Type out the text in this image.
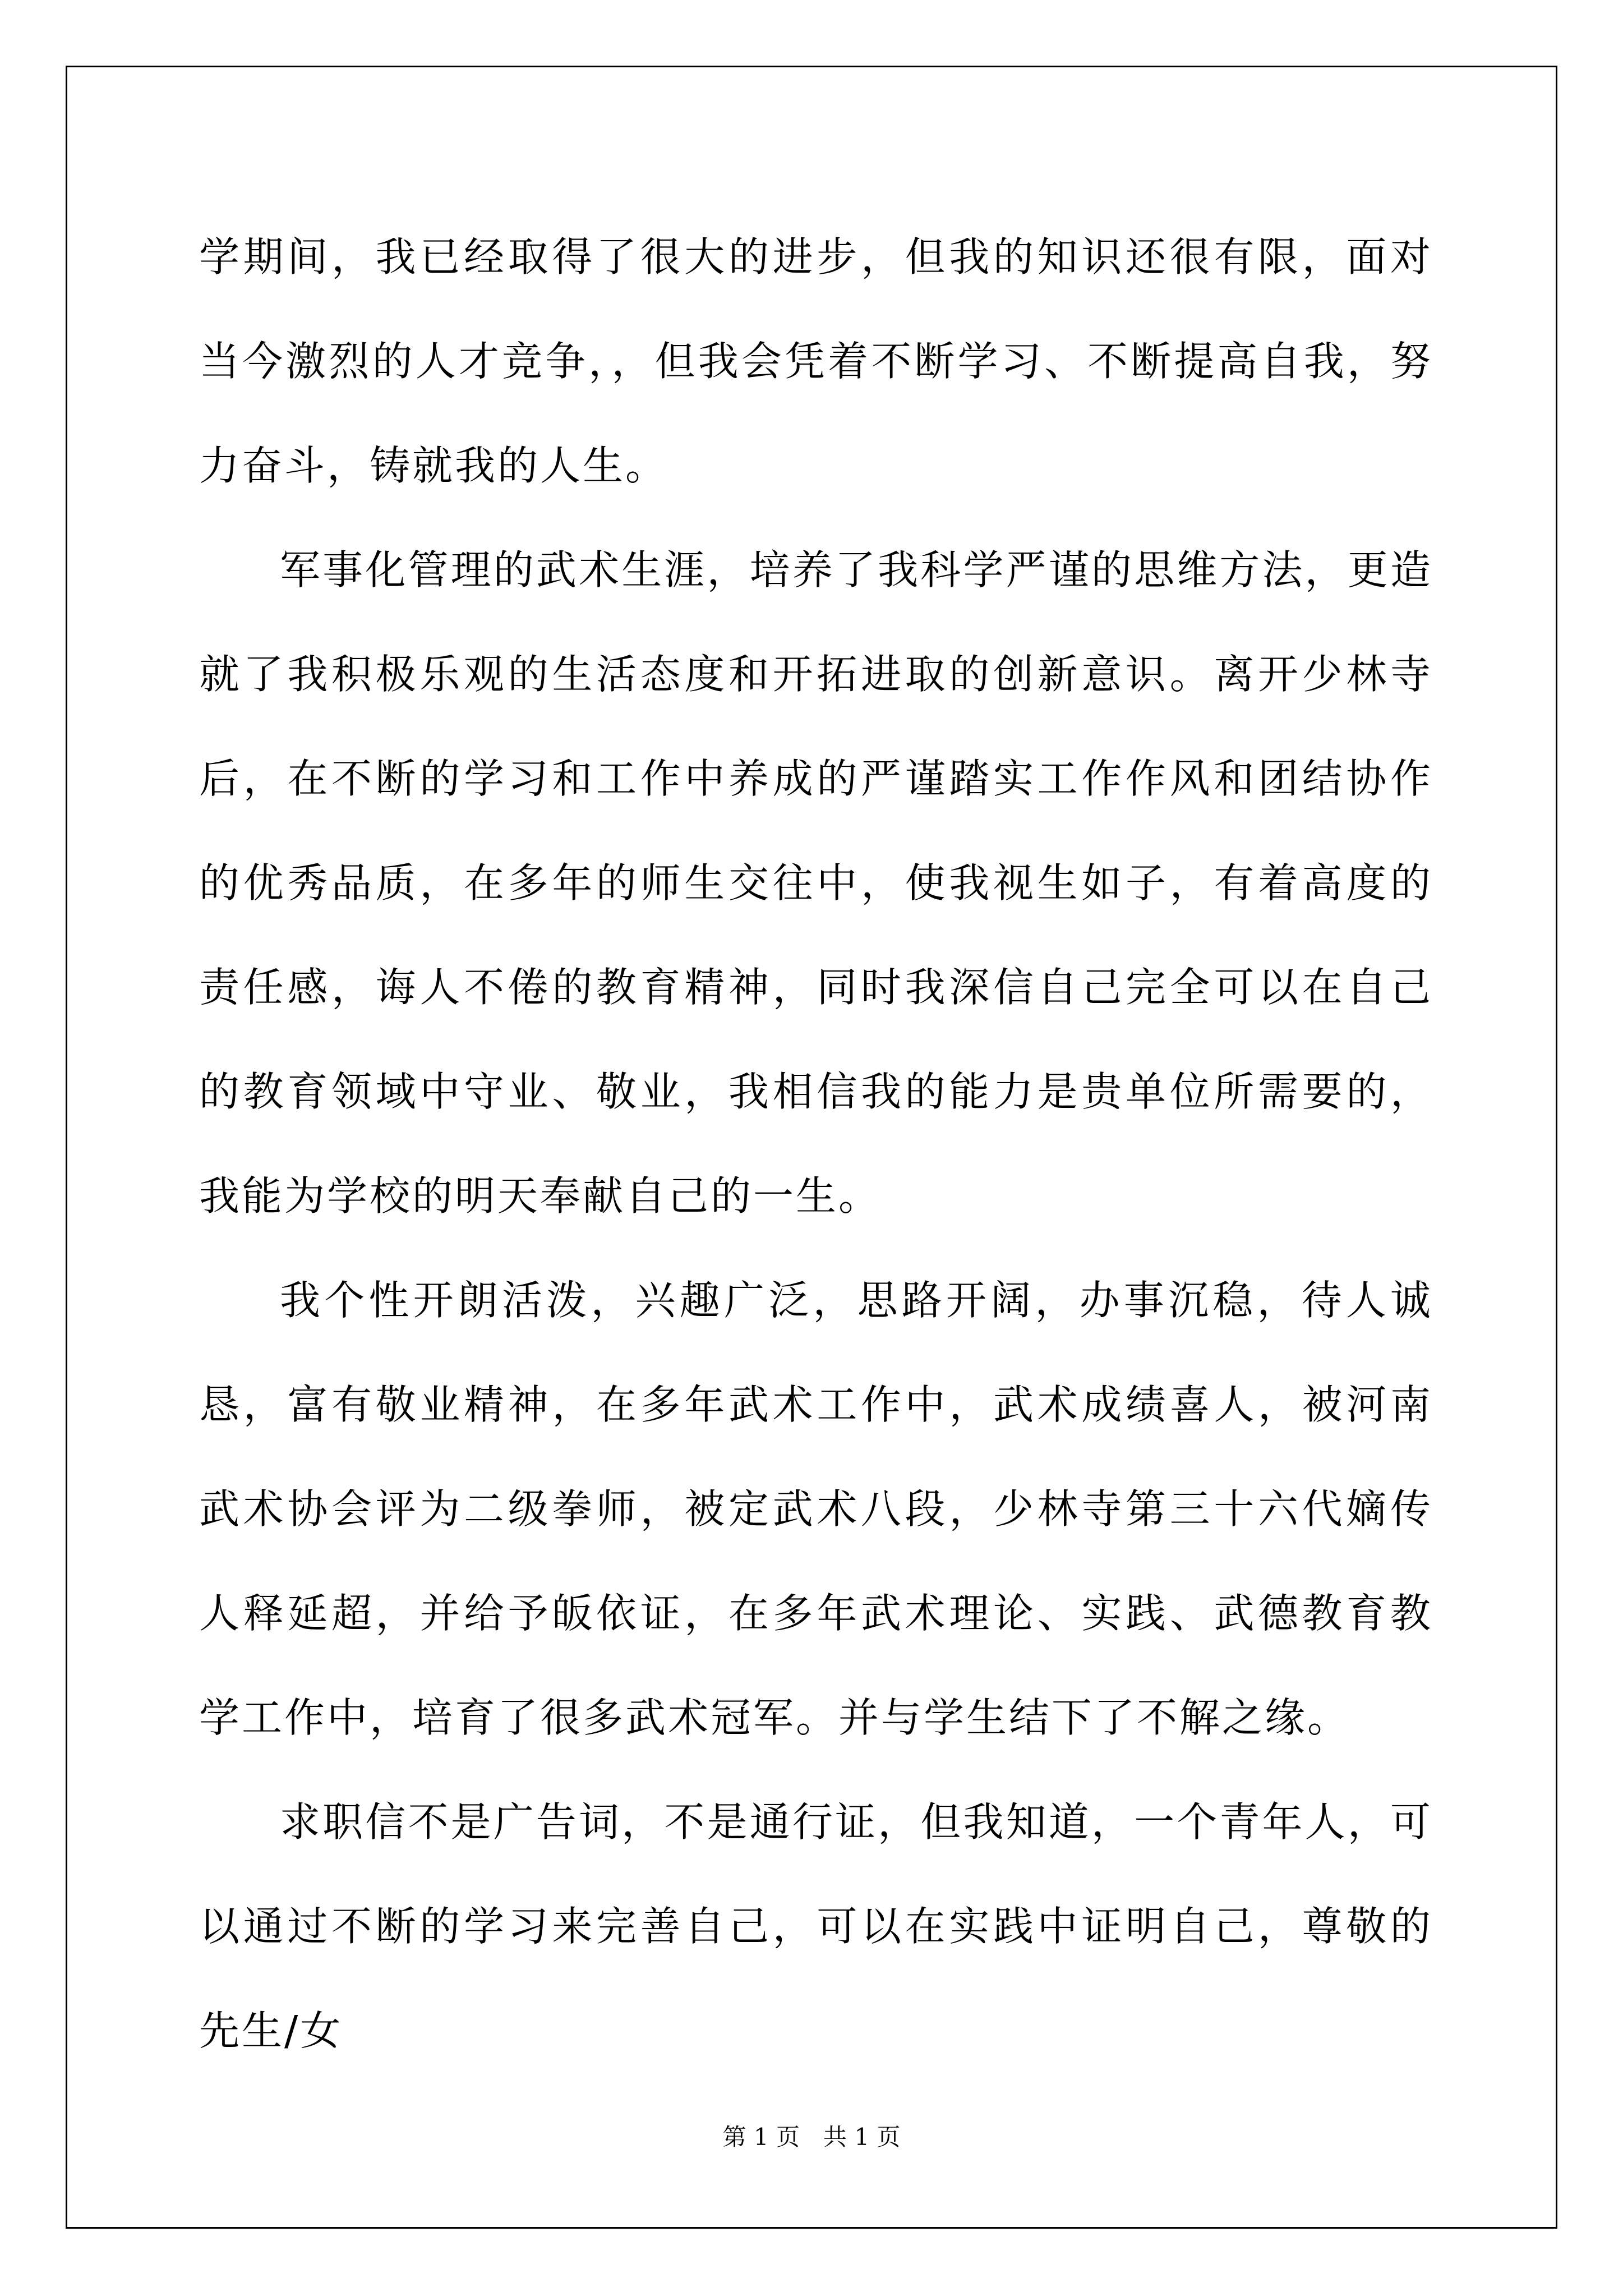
学期间，我已经取得了很大的进步，但我的知识还很有限，面对当今激烈的人才竞争，，但我会凭着不断学习、不断提高自我，努力奋斗，铸就我的人生。

军事化管理的武术生涯，培养了我科学严谨的思维方法，更造就了我积极乐观的生活态度和开拓进取的创新意识。离开少林寺后，在不断的学习和工作中养成的严谨踏实工作作风和团结协作的优秀品质，在多年的师生交往中，使我视生如子，有着高度的责任感，诲人不倦的教育精神，同时我深信自己完全可以在自己的教育领域中守业、敬业，我相信我的能力是贵单位所需要的，我能为学校的明天奉献自己的一生。

我个性开朗活泼，兴趣广泛，思路开阔，办事沉稳，待人诚恳，富有敬业精神，在多年武术工作中，武术成绩喜人，被河南武术协会评为二级拳师，被定武术八段，少林寺第三十六代嫡传人释延超，并给予皈依证，在多年武术理论、实践、武德教育教学工作中，培育了很多武术冠军。并与学生结下了不解之缘。

求职信不是广告词，不是通行证，但我知道，一个青年人，可以通过不断的学习来完善自己，可以在实践中证明自己，尊敬的先生/女

第 1 页　共 1 页
